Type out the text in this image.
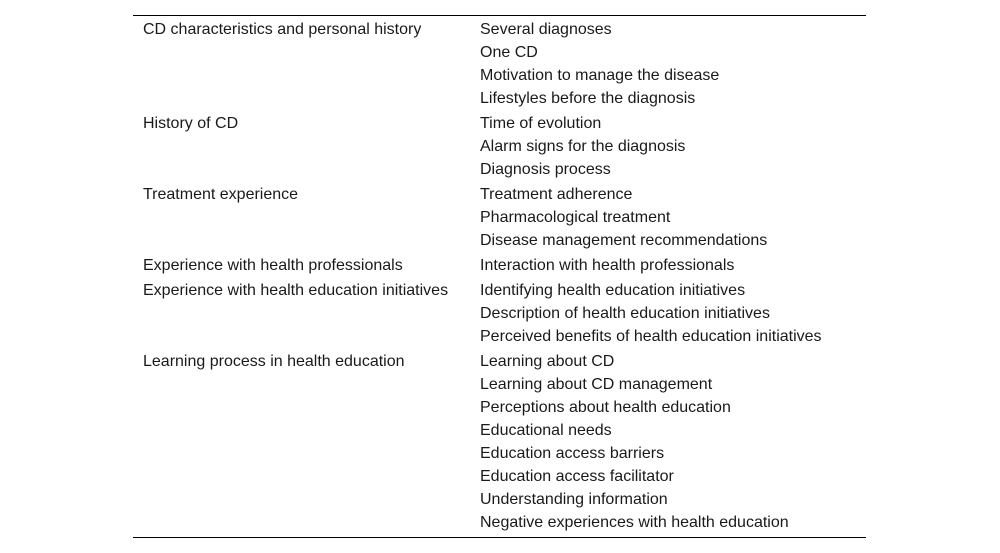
CD characteristics and personal history	Several diagnoses
One CD
Motivation to manage the disease
Lifestyles before the diagnosis
History of CD	Time of evolution
Alarm signs for the diagnosis
Diagnosis process
Treatment experience	Treatment adherence
Pharmacological treatment
Disease management recommendations
Experience with health professionals	Interaction with health professionals
Experience with health education initiatives	Identifying health education initiatives
Description of health education initiatives
Perceived benefits of health education initiatives
Learning process in health education	Learning about CD
Learning about CD management
Perceptions about health education
Educational needs
Education access barriers
Education access facilitator
Understanding information
Negative experiences with health education
